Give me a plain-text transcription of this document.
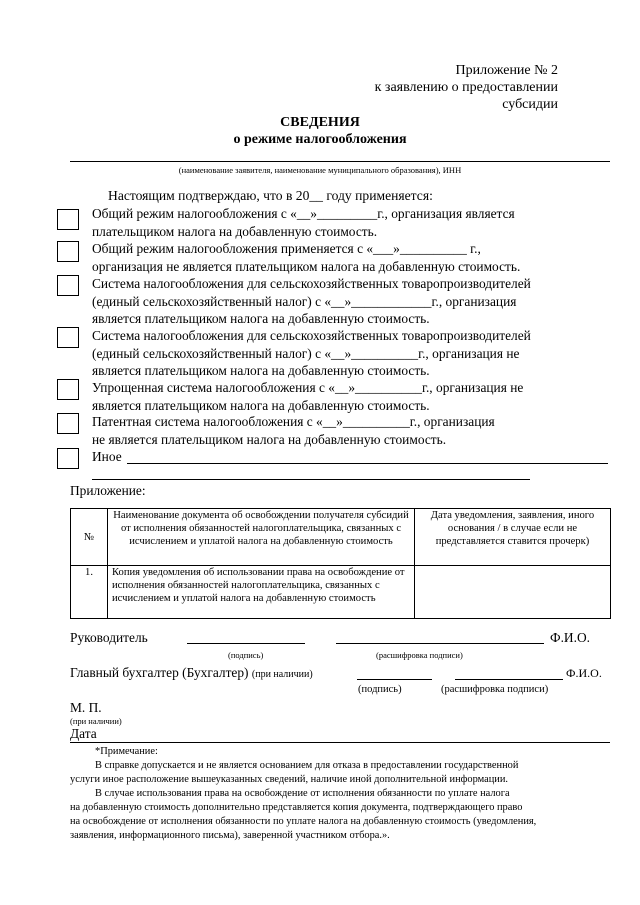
Приложение № 2
к заявлению о предоставлении
субсидии
СВЕДЕНИЯ
о режиме налогообложения
(наименование заявителя, наименование муниципального образования), ИНН
Настоящим подтверждаю, что в 20__ году применяется:
Общий режим налогообложения с «__»_________г., организация является
плательщиком налога на добавленную стоимость.
Общий режим налогообложения применяется с «___»__________ г.,
организация не является плательщиком налога на добавленную стоимость.
Система налогообложения для сельскохозяйственных товаропроизводителей
(единый сельскохозяйственный налог) с «__»____________г., организация
является плательщиком налога на добавленную стоимость.
Система налогообложения для сельскохозяйственных товаропроизводителей
(единый сельскохозяйственный налог) с «__»__________г., организация не
является плательщиком налога на добавленную стоимость.
Упрощенная система налогообложения с «__»__________г., организация не
является плательщиком налога на добавленную стоимость.
Патентная система налогообложения с «__»__________г., организация
не является плательщиком налога на добавленную стоимость.
Иное
Приложение:
№	Наименование документа об освобождении получателя субсидий от исполнения обязанностей налогоплательщика, связанных с исчислением и уплатой налога на добавленную стоимость	Дата уведомления, заявления, иного основания / в случае если не представляется ставится прочерк)
1.	Копия уведомления об использовании права на освобождение от исполнения обязанностей налогоплательщика, связанных с исчислением и уплатой налога на добавленную стоимость	
Руководитель	Ф.И.О.
(подпись)	(расшифровка подписи)
Главный бухгалтер (Бухгалтер) (при наличии)	Ф.И.О.
(подпись)	(расшифровка подписи)
М. П.
(при наличии)
Дата
*Примечание:
В справке допускается и не является основанием для отказа в предоставлении государственной
услуги иное расположение вышеуказанных сведений, наличие иной дополнительной информации.
В случае использования права на освобождение от исполнения обязанности по уплате налога
на добавленную стоимость дополнительно представляется копия документа, подтверждающего право
на освобождение от исполнения обязанности по уплате налога на добавленную стоимость (уведомления,
заявления, информационного письма), заверенной участником отбора.».
